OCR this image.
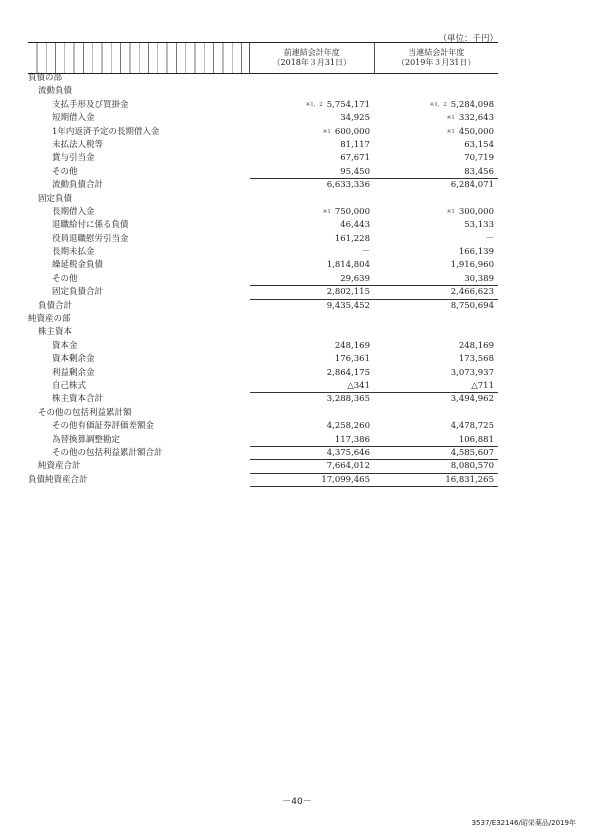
（単位：千円）
前連結会計年度
（2018年３月31日）
当連結会計年度
（2019年３月31日）
負債の部
流動負債
支払手形及び買掛金	※1，2 5,754,171	※1，2 5,284,098
短期借入金	34,925	※1 332,643
1年内返済予定の長期借入金	※1 600,000	※1 450,000
未払法人税等	81,117	63,154
賞与引当金	67,671	70,719
その他	95,450	83,456
流動負債合計	6,633,336	6,284,071
固定負債
長期借入金	※1 750,000	※1 300,000
退職給付に係る負債	46,443	53,133
役員退職慰労引当金	161,228	－
長期未払金	－	166,139
繰延税金負債	1,814,804	1,916,960
その他	29,639	30,389
固定負債合計	2,802,115	2,466,623
負債合計	9,435,452	8,750,694
純資産の部
株主資本
資本金	248,169	248,169
資本剰余金	176,361	173,568
利益剰余金	2,864,175	3,073,937
自己株式	△341	△711
株主資本合計	3,288,365	3,494,962
その他の包括利益累計額
その他有価証券評価差額金	4,258,260	4,478,725
為替換算調整勘定	117,386	106,881
その他の包括利益累計額合計	4,375,646	4,585,607
純資産合計	7,664,012	8,080,570
負債純資産合計	17,099,465	16,831,265
－40－
3537/E32146/昭栄薬品/2019年
